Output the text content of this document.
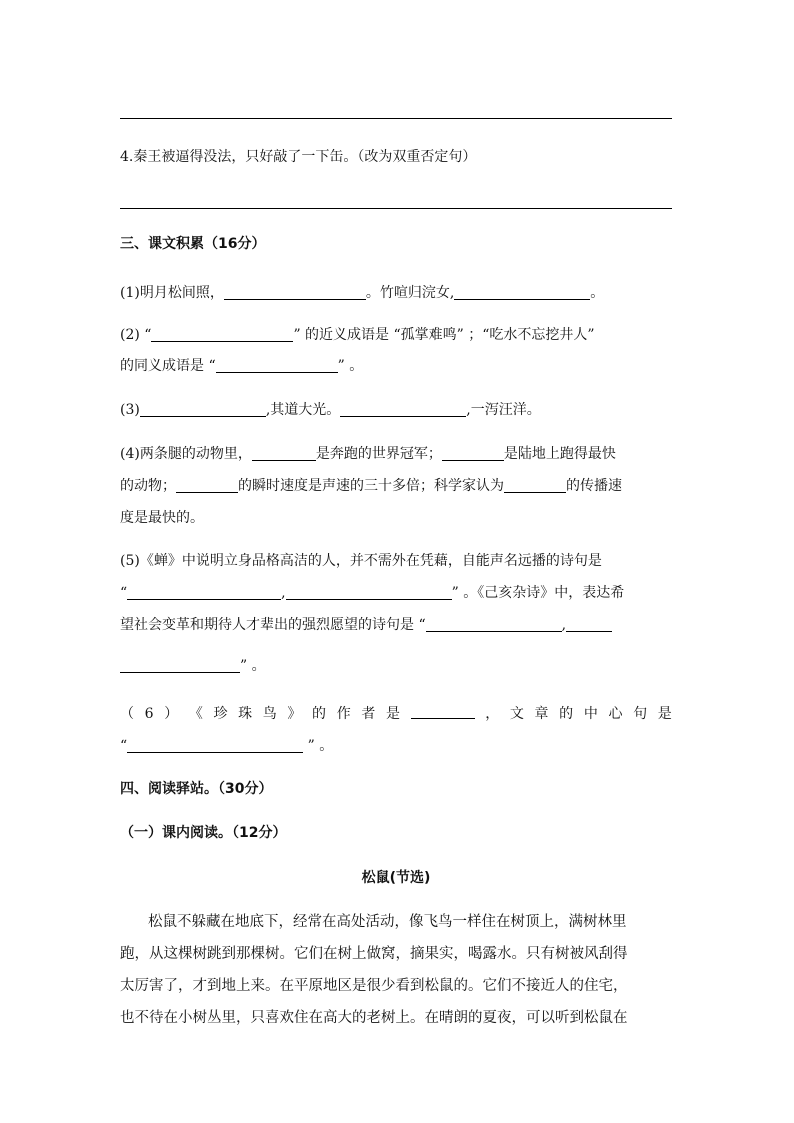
4.秦王被逼得没法，只好敲了一下缶。（改为双重否定句）
三、课文积累（16分）
(1)明月松间照，	。竹喧归浣女,	。
(2) “	” 的近义成语是 “孤掌难鸣” ；“吃水不忘挖井人”
的同义成语是 “	” 。
(3)	,其道大光。	,一泻汪洋。
(4)两条腿的动物里，	是奔跑的世界冠军；	是陆地上跑得最快
的动物；	的瞬时速度是声速的三十多倍；科学家认为	的传播速
度是最快的。
(5)《蝉》中说明立身品格高洁的人，并不需外在凭藉，自能声名远播的诗句是
“	,	” 。《己亥杂诗》中，表达希
望社会变革和期待人才辈出的强烈愿望的诗句是 “	,
” 。
（ 6 ） 《 珍 珠 鸟 》 的 作 者 是	， 文 章 的 中 心 句 是
“	” 。
四、阅读驿站。（30分）
（一）课内阅读。（12分）
松鼠(节选)
松鼠不躲藏在地底下，经常在高处活动，像飞鸟一样住在树顶上，满树林里
跑，从这棵树跳到那棵树。它们在树上做窝，摘果实，喝露水。只有树被风刮得
太厉害了，才到地上来。在平原地区是很少看到松鼠的。它们不接近人的住宅，
也不待在小树丛里，只喜欢住在高大的老树上。在晴朗的夏夜，可以听到松鼠在
